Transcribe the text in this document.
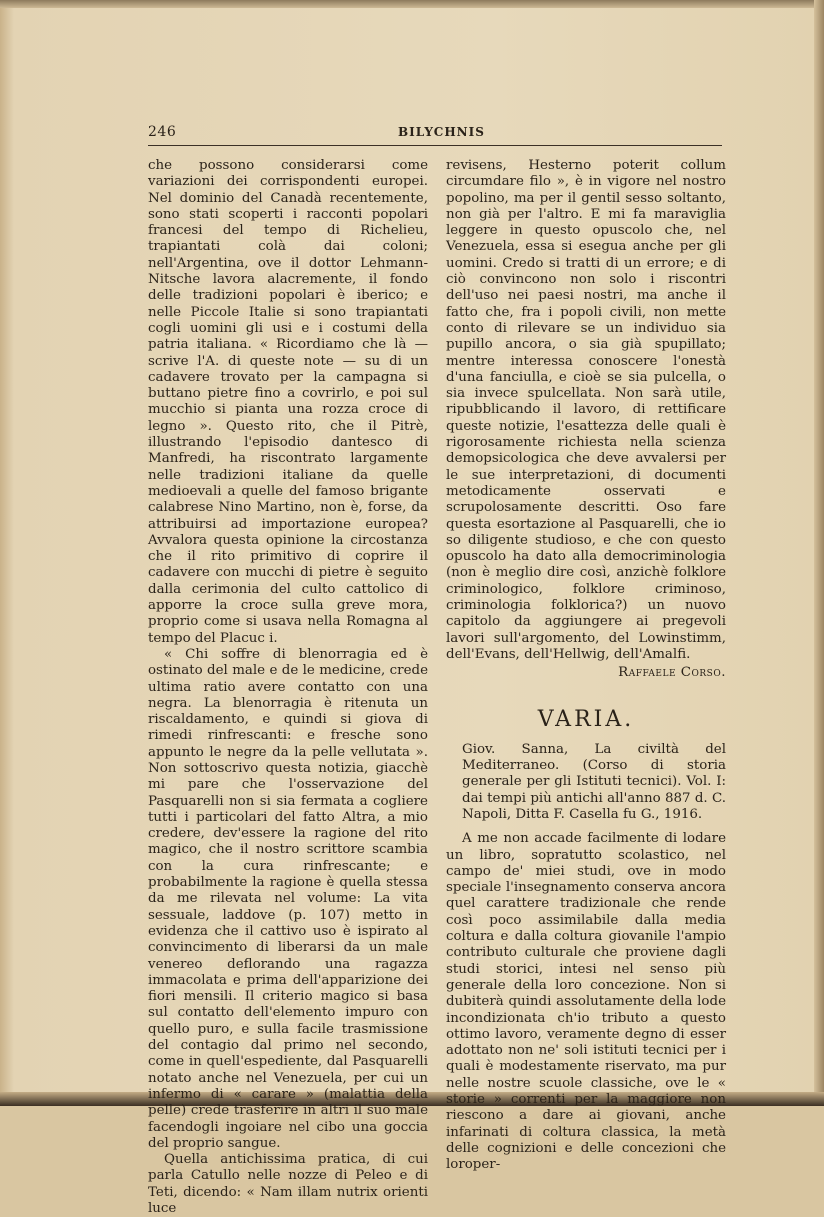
246	BILYCHNIS

che possono considerarsi come variazioni dei corrispondenti europei. Nel dominio del Canadà recentemente, sono stati scoperti i racconti popolari francesi del tempo di Richelieu, trapiantati colà dai coloni; nell'Argentina, ove il dottor Lehmann-Nitsche lavora alacremente, il fondo delle tradizioni popolari è iberico; e nelle Piccole Italie si sono trapiantati cogli uomini gli usi e i costumi della patria italiana. « Ricordiamo che là — scrive l'A. di queste note — su di un cadavere trovato per la campagna si buttano pietre fino a covrirlo, e poi sul mucchio si pianta una rozza croce di legno ». Questo rito, che il Pitrè, illustrando l'episodio dantesco di Manfredi, ha riscontrato largamente nelle tradizioni italiane da quelle medioevali a quelle del famoso brigante calabrese Nino Martino, non è, forse, da attribuirsi ad importazione europea? Avvalora questa opinione la circostanza che il rito primitivo di coprire il cadavere con mucchi di pietre è seguito dalla cerimonia del culto cattolico di apporre la croce sulla greve mora, proprio come si usava nella Romagna al tempo del Placuc i.

« Chi soffre di blenorragia ed è ostinato del male e de le medicine, crede ultima ratio avere contatto con una negra. La blenorragia è ritenuta un riscaldamento, e quindi si giova di rimedi rinfrescanti: e fresche sono appunto le negre da la pelle vellutata ». Non sottoscrivo questa notizia, giacchè mi pare che l'osservazione del Pasquarelli non si sia fermata a cogliere tutti i particolari del fatto Altra, a mio credere, dev'essere la ragione del rito magico, che il nostro scrittore scambia con la cura rinfrescante; e probabilmente la ragione è quella stessa da me rilevata nel volume: La vita sessuale, laddove (p. 107) metto in evidenza che il cattivo uso è ispirato al convincimento di liberarsi da un male venereo deflorando una ragazza immacolata e prima dell'apparizione dei fiori mensili. Il criterio magico si basa sul contatto dell'elemento impuro con quello puro, e sulla facile trasmissione del contagio dal primo nel secondo, come in quell'espediente, dal Pasquarelli notato anche nel Venezuela, per cui un infermo di « carare » (malattia della pelle) crede trasferire in altri il suo male facendogli ingoiare nel cibo una goccia del proprio sangue.

Quella antichissima pratica, di cui parla Catullo nelle nozze di Peleo e di Teti, dicendo: « Nam illam nutrix orienti luce

revisens, Hesterno poterit collum circumdare filo », è in vigore nel nostro popolino, ma per il gentil sesso soltanto, non già per l'altro. E mi fa maraviglia leggere in questo opuscolo che, nel Venezuela, essa si esegua anche per gli uomini. Credo si tratti di un errore; e di ciò convincono non solo i riscontri dell'uso nei paesi nostri, ma anche il fatto che, fra i popoli civili, non mette conto di rilevare se un individuo sia pupillo ancora, o sia già spupillato; mentre interessa conoscere l'onestà d'una fanciulla, e cioè se sia pulcella, o sia invece spulcellata. Non sarà utile, ripubblicando il lavoro, di rettificare queste notizie, l'esattezza delle quali è rigorosamente richiesta nella scienza demopsicologica che deve avvalersi per le sue interpretazioni, di documenti metodicamente osservati e scrupolosamente descritti. Oso fare questa esortazione al Pasquarelli, che io so diligente studioso, e che con questo opuscolo ha dato alla democriminologia (non è meglio dire così, anzichè folklore criminologico, folklore criminoso, criminologia folklorica?) un nuovo capitolo da aggiungere ai pregevoli lavori sull'argomento, del Lowinstimm, dell'Evans, dell'Hellwig, dell'Amalfi.

Raffaele Corso.
VARIA.

Giov. Sanna, La civiltà del Mediterraneo. (Corso di storia generale per gli Istituti tecnici). Vol. I: dai tempi più antichi all'anno 887 d. C. Napoli, Ditta F. Casella fu G., 1916.

A me non accade facilmente di lodare un libro, sopratutto scolastico, nel campo de' miei studi, ove in modo speciale l'insegnamento conserva ancora quel carattere tradizionale che rende così poco assimilabile dalla media coltura e dalla coltura giovanile l'ampio contributo culturale che proviene dagli studi storici, intesi nel senso più generale della loro concezione. Non si dubiterà quindi assolutamente della lode incondizionata ch'io tributo a questo ottimo lavoro, veramente degno di esser adottato non ne' soli istituti tecnici per i quali è modestamente riservato, ma pur nelle nostre scuole classiche, ove le « storie » correnti per la maggiore non riescono a dare ai giovani, anche infarinati di coltura classica, la metà delle cognizioni e delle concezioni che loroper-
